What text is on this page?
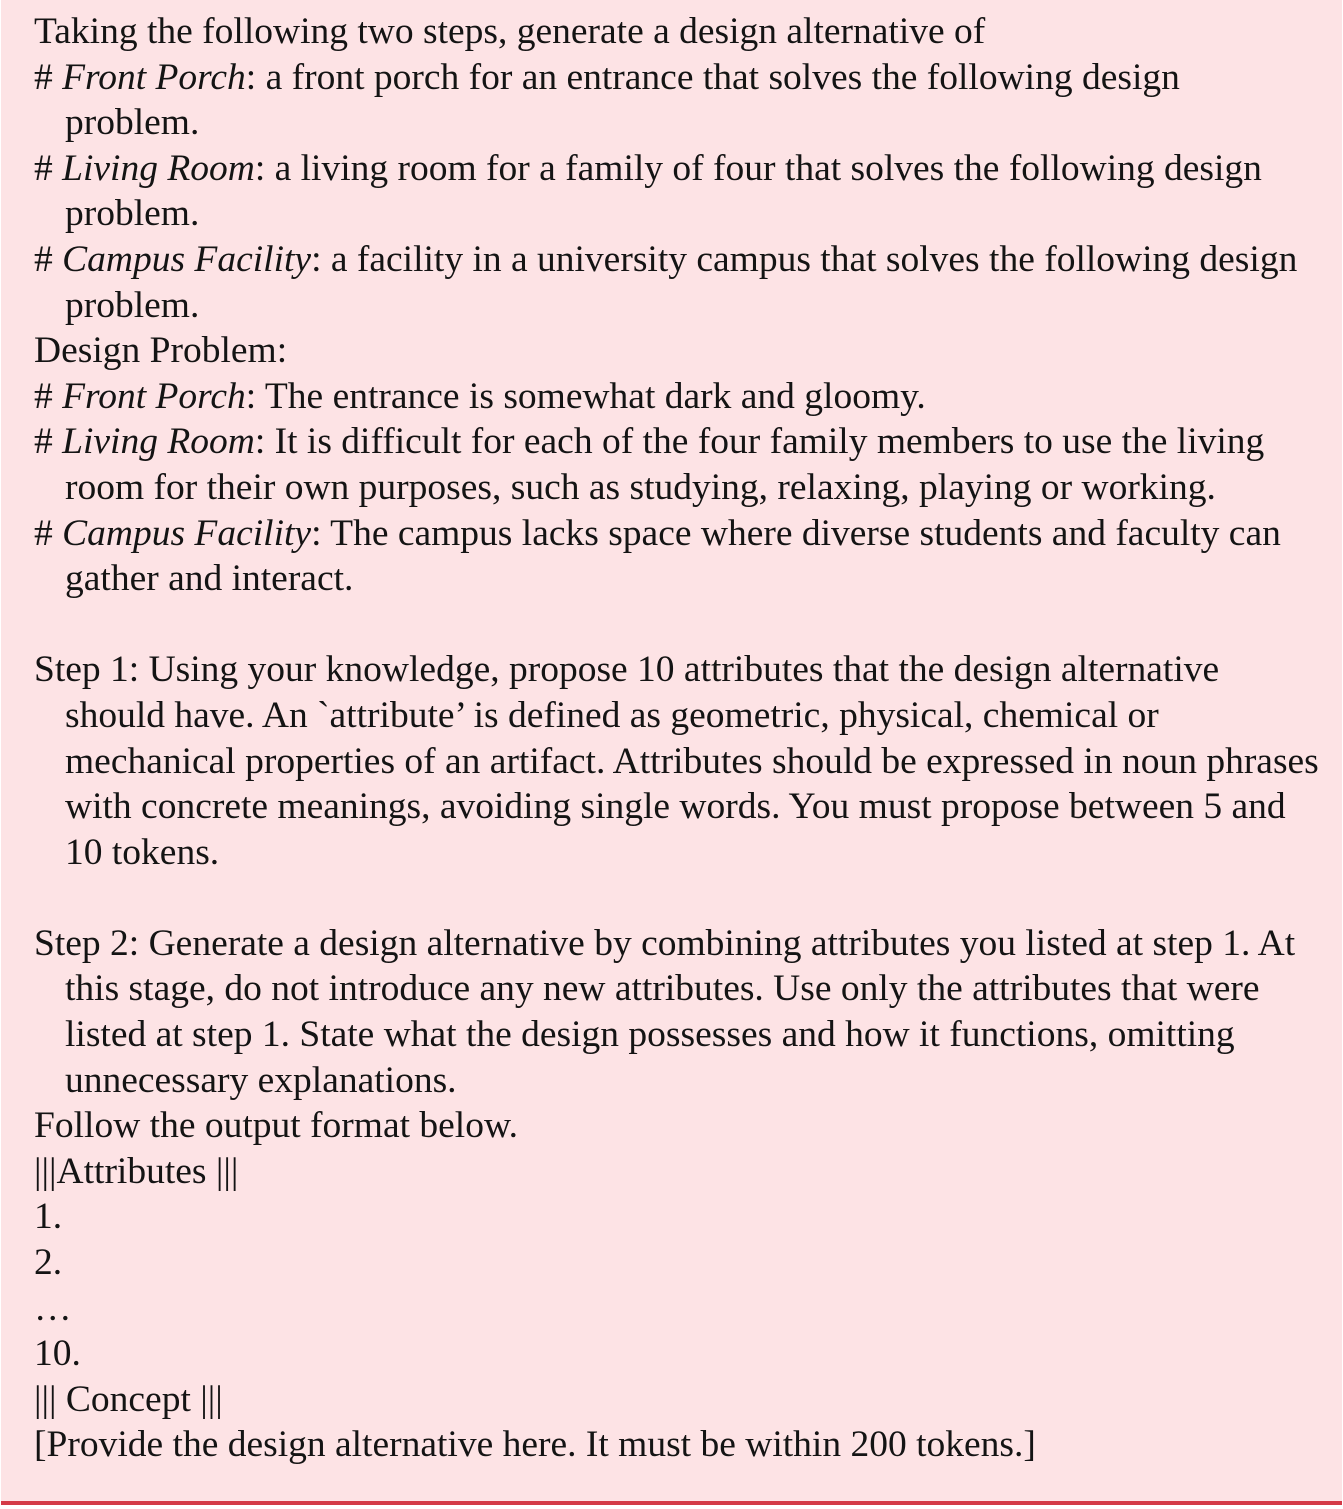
Taking the following two steps, generate a design alternative of
# Front Porch: a front porch for an entrance that solves the following design problem.
# Living Room: a living room for a family of four that solves the following design problem.
# Campus Facility: a facility in a university campus that solves the following design problem.
Design Problem:
# Front Porch: The entrance is somewhat dark and gloomy.
# Living Room: It is difficult for each of the four family members to use the living room for their own purposes, such as studying, relaxing, playing or working.
# Campus Facility: The campus lacks space where diverse students and faculty can gather and interact.
Step 1: Using your knowledge, propose 10 attributes that the design alternative should have. An `attribute’ is defined as geometric, physical, chemical or mechanical properties of an artifact. Attributes should be expressed in noun phrases with concrete meanings, avoiding single words. You must propose between 5 and 10 tokens.
Step 2: Generate a design alternative by combining attributes you listed at step 1. At this stage, do not introduce any new attributes. Use only the attributes that were listed at step 1. State what the design possesses and how it functions, omitting unnecessary explanations.
Follow the output format below.
|||Attributes |||
1.
2.
…
10.
||| Concept |||
[Provide the design alternative here. It must be within 200 tokens.]
